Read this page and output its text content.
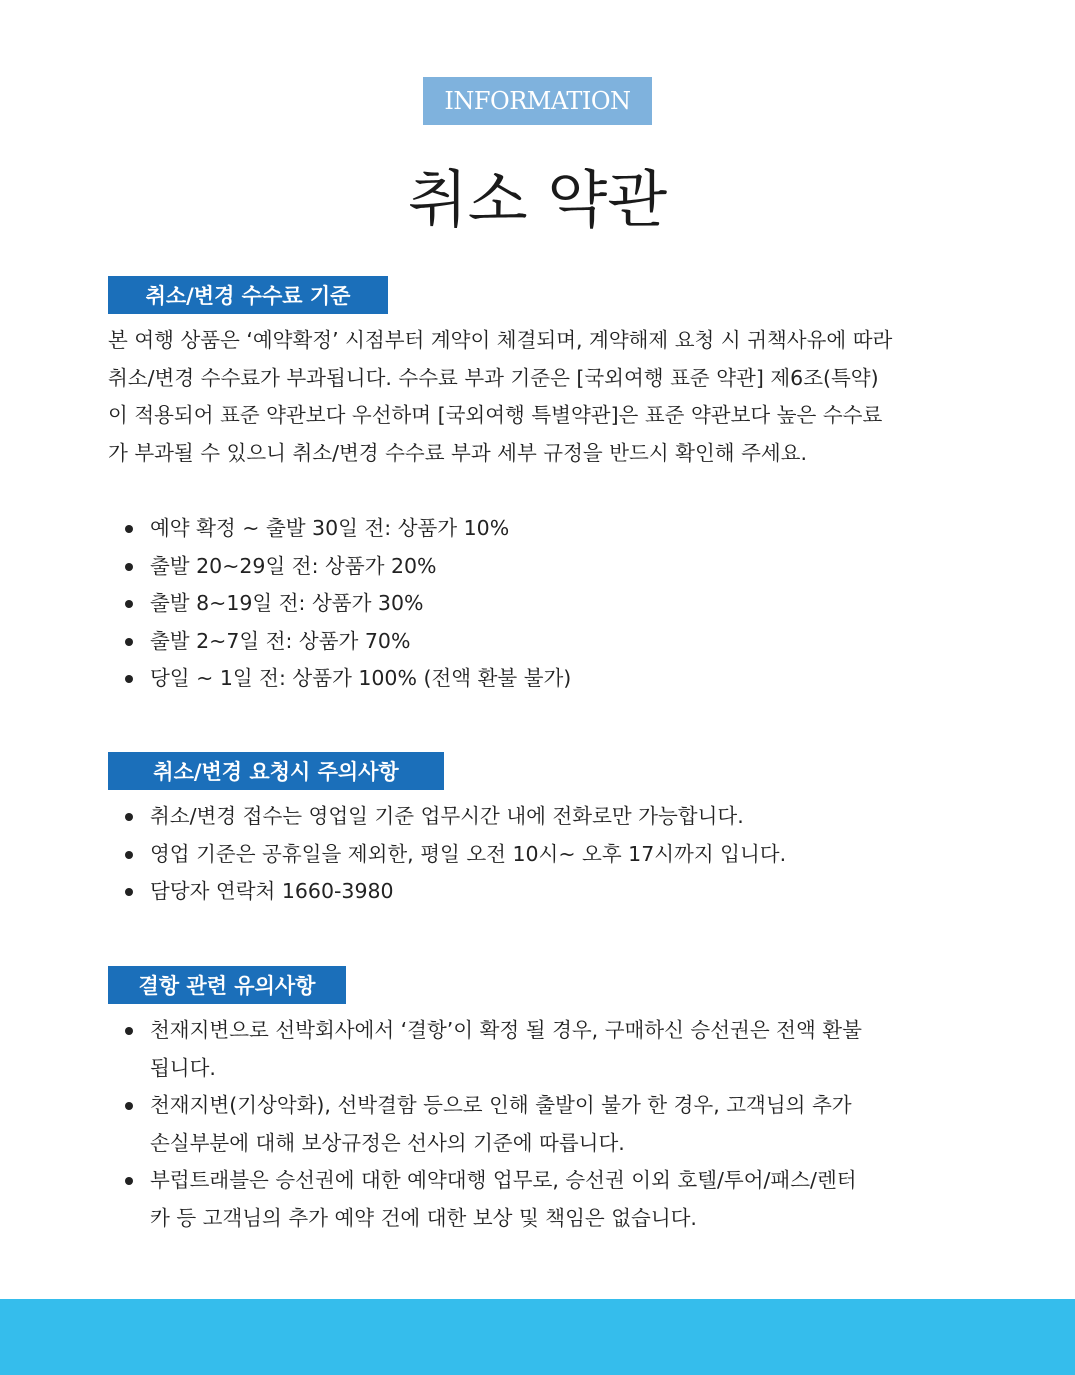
INFORMATION
취소 약관
취소/변경 수수료 기준

본 여행 상품은 ‘예약확정’ 시점부터 계약이 체결되며, 계약해제 요청 시 귀책사유에 따라
취소/변경 수수료가 부과됩니다. 수수료 부과 기준은 [국외여행 표준 약관] 제6조(특약)
이 적용되어 표준 약관보다 우선하며 [국외여행 특별약관]은 표준 약관보다 높은 수수료
가 부과될 수 있으니 취소/변경 수수료 부과 세부 규정을 반드시 확인해 주세요.

예약 확정 ~ 출발 30일 전: 상품가 10%
출발 20~29일 전: 상품가 20%
출발 8~19일 전: 상품가 30%
출발 2~7일 전: 상품가 70%
당일 ~ 1일 전: 상품가 100% (전액 환불 불가)
취소/변경 요청시 주의사항
취소/변경 접수는 영업일 기준 업무시간 내에 전화로만 가능합니다.
영업 기준은 공휴일을 제외한, 평일 오전 10시~ 오후 17시까지 입니다.
담당자 연락처 1660-3980
결항 관련 유의사항
천재지변으로 선박회사에서 ‘결항’이 확정 될 경우, 구매하신 승선권은 전액 환불
됩니다.
천재지변(기상악화), 선박결함 등으로 인해 출발이 불가 한 경우, 고객님의 추가
손실부분에 대해 보상규정은 선사의 기준에 따릅니다.
부럽트래블은 승선권에 대한 예약대행 업무로, 승선권 이외 호텔/투어/패스/렌터
카 등 고객님의 추가 예약 건에 대한 보상 및 책임은 없습니다.
